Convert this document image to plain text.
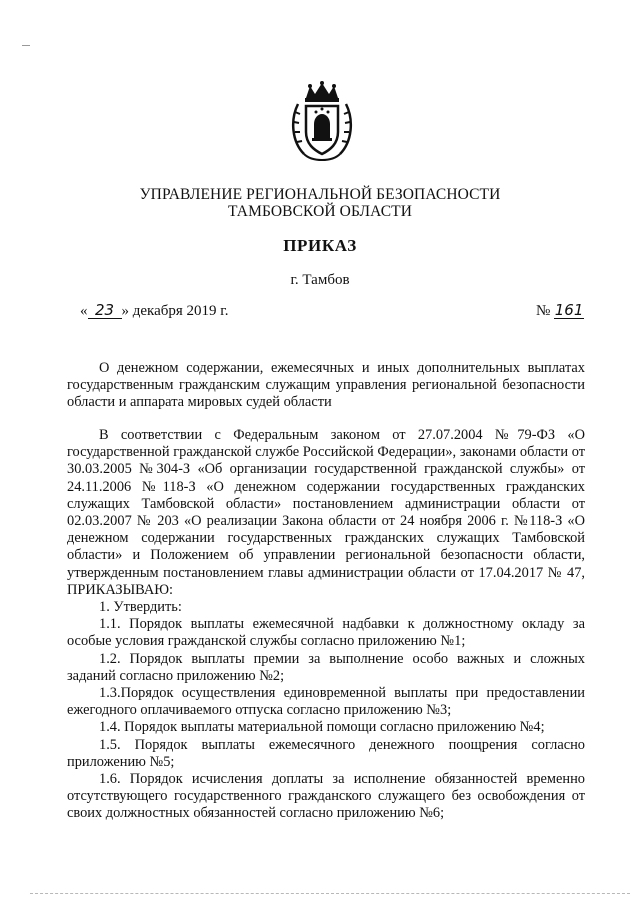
УПРАВЛЕНИЕ РЕГИОНАЛЬНОЙ БЕЗОПАСНОСТИ
ТАМБОВСКОЙ ОБЛАСТИ
ПРИКАЗ
г. Тамбов
« 23 » декабря 2019 г.	№ 161
О денежном содержании, ежемесячных и иных дополнительных выплатах государственным гражданским служащим управления региональной безопасности области и аппарата мировых судей области

В соответствии с Федеральным законом от 27.07.2004 №79-ФЗ «О государственной гражданской службе Российской Федерации», законами области от 30.03.2005 №304-З «Об организации государственной гражданской службы» от 24.11.2006 №118-З «О денежном содержании государственных гражданских служащих Тамбовской области» постановлением администрации области от 02.03.2007 № 203 «О реализации Закона области от 24 ноября 2006 г. №118-З «О денежном содержании государственных гражданских служащих Тамбовской области» и Положением об управлении региональной безопасности области, утвержденным постановлением главы администрации области от 17.04.2017 № 47, ПРИКАЗЫВАЮ:

1. Утвердить:

1.1. Порядок выплаты ежемесячной надбавки к должностному окладу за особые условия гражданской службы согласно приложению №1;

1.2. Порядок выплаты премии за выполнение особо важных и сложных заданий согласно приложению №2;

1.3.Порядок осуществления единовременной выплаты при предоставлении ежегодного оплачиваемого отпуска согласно приложению №3;

1.4. Порядок выплаты материальной помощи согласно приложению №4;

1.5. Порядок выплаты ежемесячного денежного поощрения согласно приложению №5;

1.6. Порядок исчисления доплаты за исполнение обязанностей временно отсутствующего государственного гражданского служащего без освобождения от своих должностных обязанностей согласно приложению №6;
